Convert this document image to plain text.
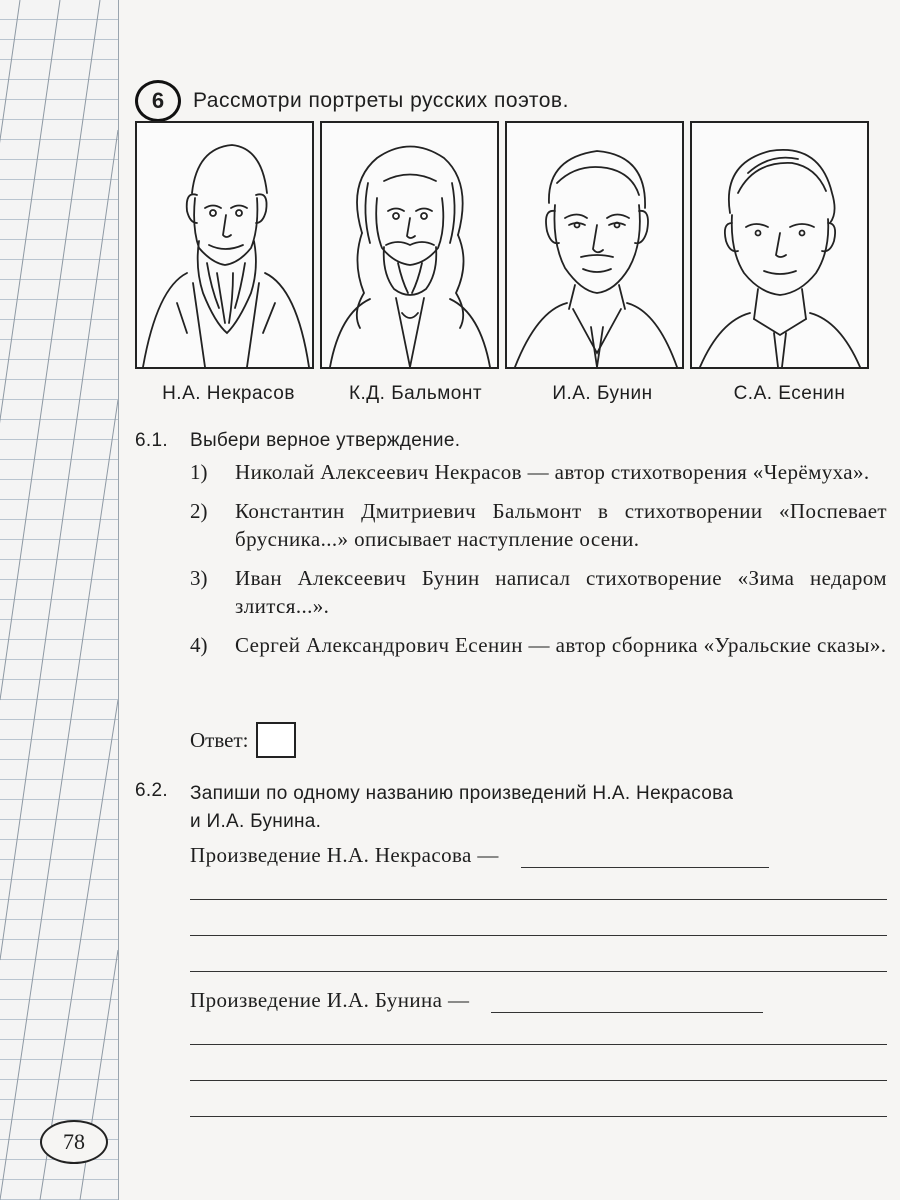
78
6	Рассмотри портреты русских поэтов.
Н.А. Некрасов	К.Д. Бальмонт	И.А. Бунин	С.А. Есенин
6.1. Выбери верное утверждение.
1)	Николай Алексеевич Некрасов — автор стихотворения «Черёмуха».
2)	Константин Дмитриевич Бальмонт в стихотворении «Поспевает брусника...» описывает наступление осени.
3)	Иван Алексеевич Бунин написал стихотворение «Зима недаром злится...».
4)	Сергей Александрович Есенин — автор сборника «Уральские сказы».
Ответ:
6.2. Запиши по одному названию произведений Н.А. Некрасова
и И.А. Бунина.
Произведение Н.А. Некрасова —
Произведение И.А. Бунина —
